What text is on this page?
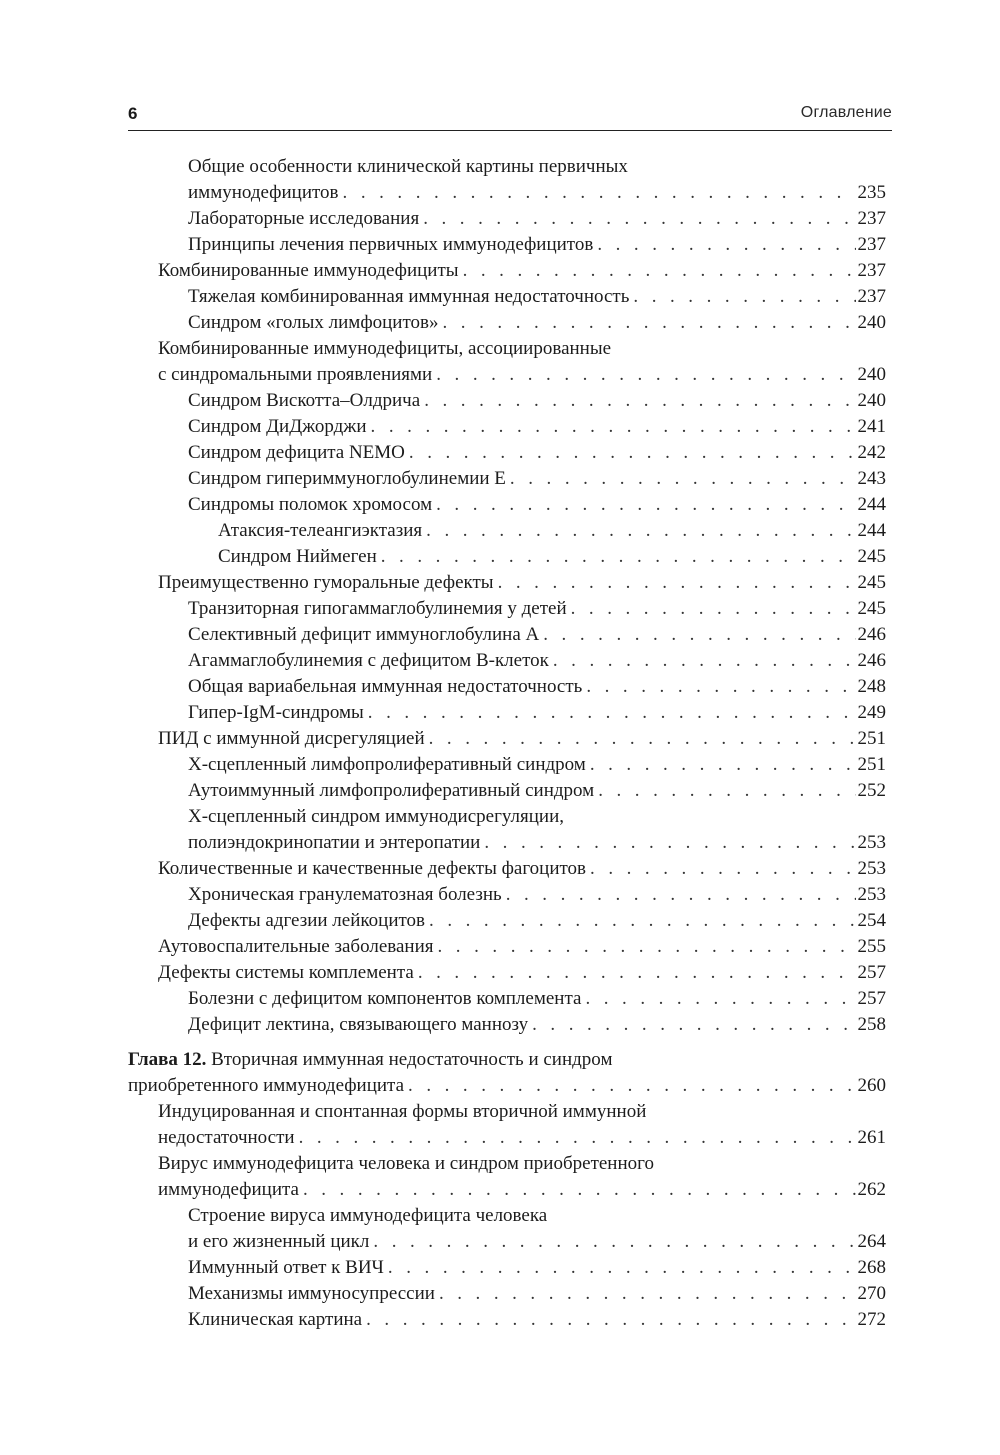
6	Оглавление
Общие особенности клинической картины первичных
иммунодефицитов . . .	235
Лабораторные исследования . . .	237
Принципы лечения первичных иммунодефицитов . . .	237
Комбинированные иммунодефициты . . .	237
Тяжелая комбинированная иммунная недостаточность . . .	237
Синдром «голых лимфоцитов» . . .	240
Комбинированные иммунодефициты, ассоциированные
с синдромальными проявлениями . . .	240
Синдром Вискотта–Олдрича . . .	240
Синдром ДиДжорджи . . .	241
Синдром дефицита NEMO . . .	242
Синдром гипериммуноглобулинемии Е . . .	243
Синдромы поломок хромосом . . .	244
Атаксия-телеангиэктазия . . .	244
Синдром Ниймеген . . .	245
Преимущественно гуморальные дефекты . . .	245
Транзиторная гипогаммаглобулинемия у детей . . .	245
Селективный дефицит иммуноглобулина А . . .	246
Агаммаглобулинемия с дефицитом В-клеток . . .	246
Общая вариабельная иммунная недостаточность . . .	248
Гипер-IgM-синдромы . . .	249
ПИД с иммунной дисрегуляцией . . .	251
Х-сцепленный лимфопролиферативный синдром . . .	251
Аутоиммунный лимфопролиферативный синдром . . .	252
Х-сцепленный синдром иммунодисрегуляции,
полиэндокринопатии и энтеропатии . . .	253
Количественные и качественные дефекты фагоцитов . . .	253
Хроническая гранулематозная болезнь . . .	253
Дефекты адгезии лейкоцитов . . .	254
Аутовоспалительные заболевания . . .	255
Дефекты системы комплемента . . .	257
Болезни с дефицитом компонентов комплемента . . .	257
Дефицит лектина, связывающего маннозу . . .	258
Глава 12. Вторичная иммунная недостаточность и синдром
приобретенного иммунодефицита . . .	260
Индуцированная и спонтанная формы вторичной иммунной
недостаточности . . .	261
Вирус иммунодефицита человека и синдром приобретенного
иммунодефицита . . .	262
Строение вируса иммунодефицита человека
и его жизненный цикл . . .	264
Иммунный ответ к ВИЧ . . .	268
Механизмы иммуносупрессии . . .	270
Клиническая картина . . .	272
